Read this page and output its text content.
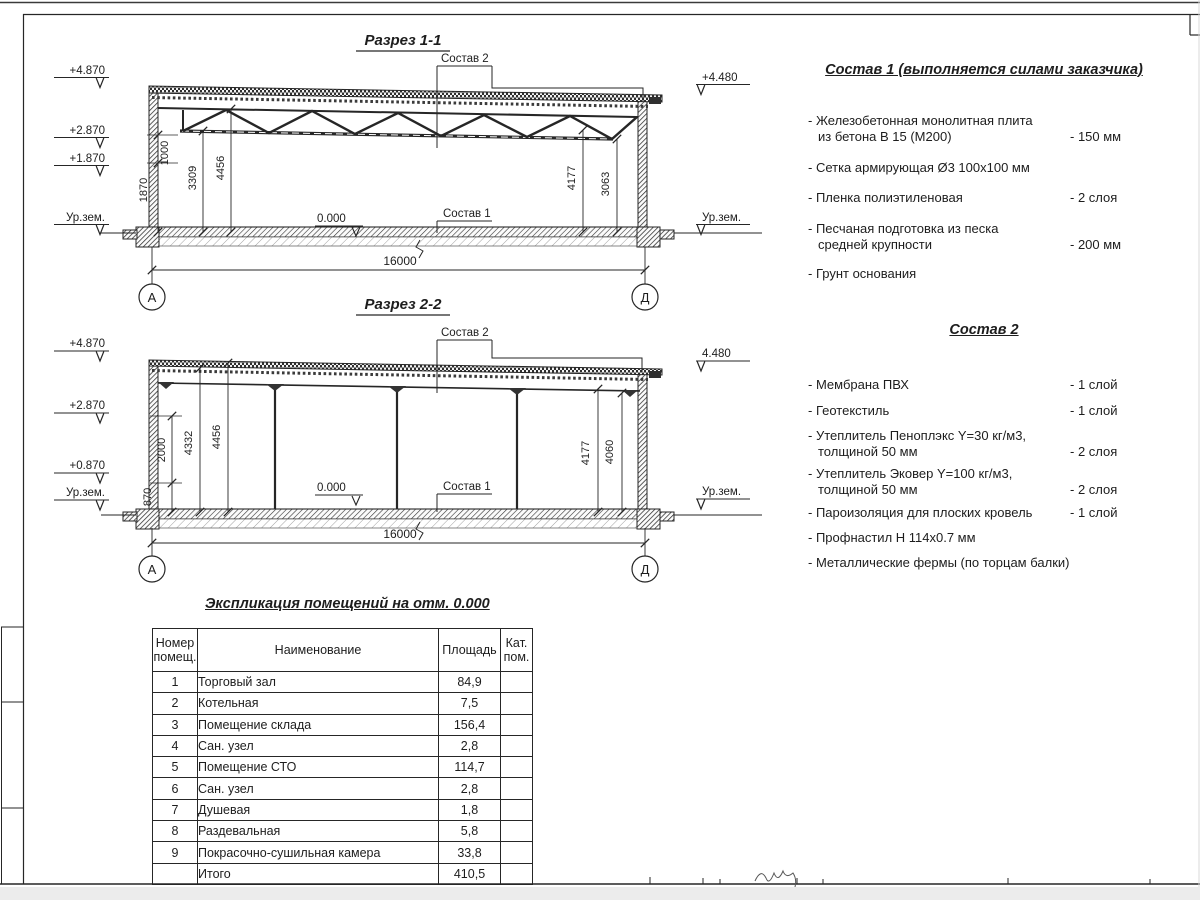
Разрез 1-1
+4.870
+2.870
+1.870
Ур.зем.
+4.480
Ур.зем.
1870
1000
3309 4456	4177 3063
0.000	Состав 1
Состав 2
16000
А	Д
Разрез 2-2
+4.870
+2.870
+0.870
Ур.зем.
4.480
Ур.зем.
870
2000 4332 4456
4177 4060
0.000	Состав 1
Состав 2
16000
А	Д
Состав 1 (выполняется силами заказчика)
- Железобетонная монолитная плита
из бетона В 15 (М200)	- 150 мм
- Сетка армирующая Ø3 100х100 мм
- Пленка полиэтиленовая	- 2 слоя
- Песчаная подготовка из песка
средней крупности	- 200 мм
- Грунт основания
Состав 2
- Мембрана ПВХ	- 1 слой
- Геотекстиль	- 1 слой
- Утеплитель Пеноплэкс Y=30 кг/м3,
толщиной 50 мм	- 2 слоя
- Утеплитель Эковер Y=100 кг/м3,
толщиной 50 мм	- 2 слоя
- Пароизоляция для плоских кровель	- 1 слой
- Профнастил Н 114х0.7 мм
- Металлические фермы (по торцам балки)
Экспликация помещений на отм. 0.000
Номер
помещ.	Наименование	Площадь	Кат.
пом.

1	Торговый зал	84,9	
2	Котельная	7,5	
3	Помещение склада	156,4	
4	Сан. узел	2,8	
5	Помещение СТО	114,7	
6	Сан. узел	2,8	
7	Душевая	1,8	
8	Раздевальная	5,8	
9	Покрасочно-сушильная камера	33,8	
	Итого	410,5	
